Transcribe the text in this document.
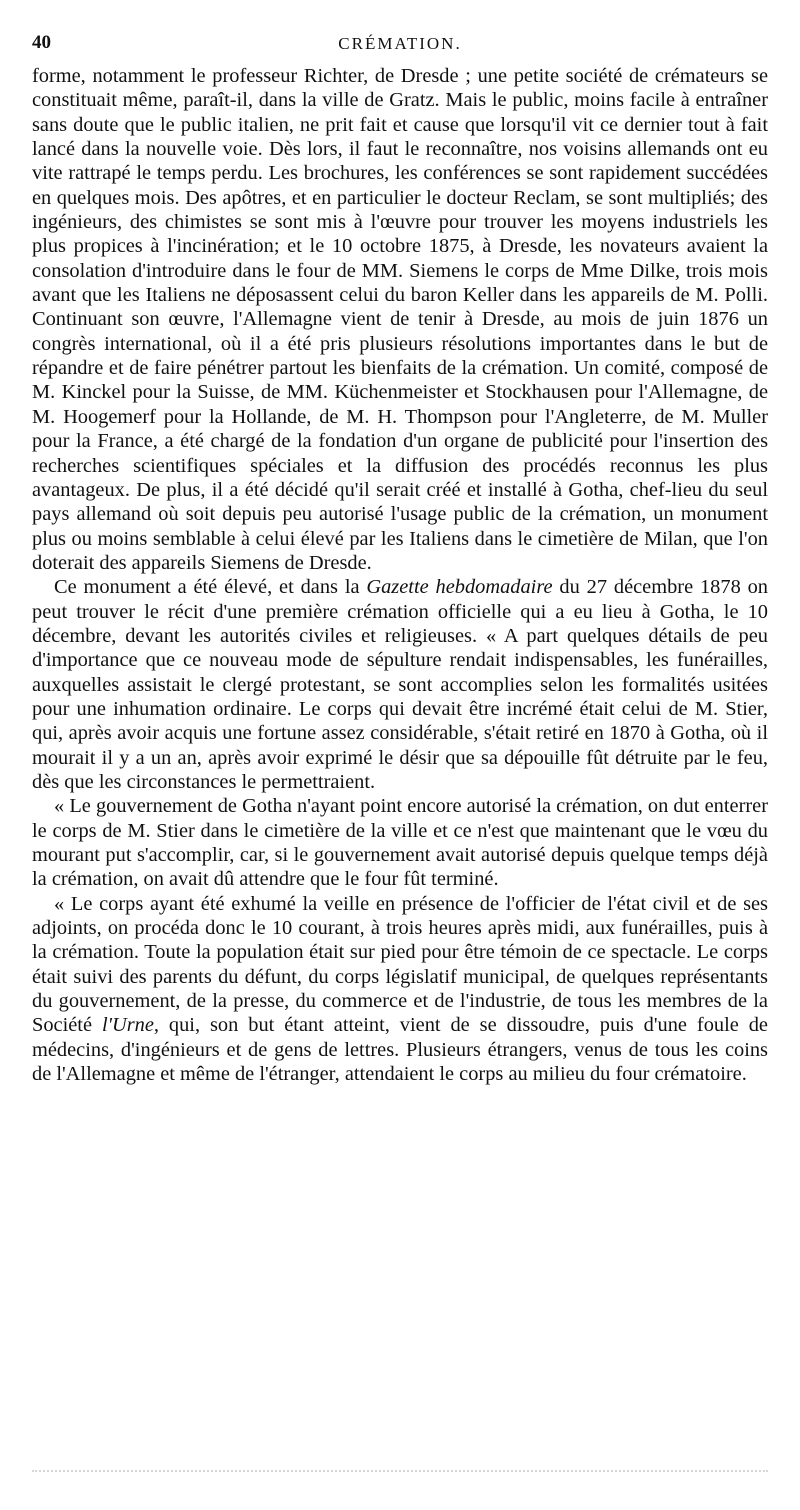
40	CRÉMATION.

forme, notamment le professeur Richter, de Dresde ; une petite société de crémateurs se constituait même, paraît-il, dans la ville de Gratz. Mais le public, moins facile à entraîner sans doute que le public italien, ne prit fait et cause que lorsqu'il vit ce dernier tout à fait lancé dans la nouvelle voie. Dès lors, il faut le reconnaître, nos voisins allemands ont eu vite rattrapé le temps perdu. Les brochures, les conférences se sont rapidement succédées en quelques mois. Des apôtres, et en particulier le docteur Reclam, se sont multipliés; des ingénieurs, des chimistes se sont mis à l'œuvre pour trouver les moyens industriels les plus propices à l'incinération; et le 10 octobre 1875, à Dresde, les novateurs avaient la consolation d'introduire dans le four de MM. Siemens le corps de Mme Dilke, trois mois avant que les Italiens ne déposassent celui du baron Keller dans les appareils de M. Polli. Continuant son œuvre, l'Allemagne vient de tenir à Dresde, au mois de juin 1876 un congrès international, où il a été pris plusieurs résolutions importantes dans le but de répandre et de faire pénétrer partout les bienfaits de la crémation. Un comité, composé de M. Kinckel pour la Suisse, de MM. Küchenmeister et Stockhausen pour l'Allemagne, de M. Hoogemerf pour la Hollande, de M. H. Thompson pour l'Angleterre, de M. Muller pour la France, a été chargé de la fondation d'un organe de publicité pour l'insertion des recherches scientifiques spéciales et la diffusion des procédés reconnus les plus avantageux. De plus, il a été décidé qu'il serait créé et installé à Gotha, chef-lieu du seul pays allemand où soit depuis peu autorisé l'usage public de la crémation, un monument plus ou moins semblable à celui élevé par les Italiens dans le cimetière de Milan, que l'on doterait des appareils Siemens de Dresde.

Ce monument a été élevé, et dans la Gazette hebdomadaire du 27 décembre 1878 on peut trouver le récit d'une première crémation officielle qui a eu lieu à Gotha, le 10 décembre, devant les autorités civiles et religieuses. « A part quelques détails de peu d'importance que ce nouveau mode de sépulture rendait indispensables, les funérailles, auxquelles assistait le clergé protestant, se sont accomplies selon les formalités usitées pour une inhumation ordinaire. Le corps qui devait être incrémé était celui de M. Stier, qui, après avoir acquis une fortune assez considérable, s'était retiré en 1870 à Gotha, où il mourait il y a un an, après avoir exprimé le désir que sa dépouille fût détruite par le feu, dès que les circonstances le permettraient.

« Le gouvernement de Gotha n'ayant point encore autorisé la crémation, on dut enterrer le corps de M. Stier dans le cimetière de la ville et ce n'est que maintenant que le vœu du mourant put s'accomplir, car, si le gouvernement avait autorisé depuis quelque temps déjà la crémation, on avait dû attendre que le four fût terminé.

« Le corps ayant été exhumé la veille en présence de l'officier de l'état civil et de ses adjoints, on procéda donc le 10 courant, à trois heures après midi, aux funérailles, puis à la crémation. Toute la population était sur pied pour être témoin de ce spectacle. Le corps était suivi des parents du défunt, du corps législatif municipal, de quelques représentants du gouvernement, de la presse, du commerce et de l'industrie, de tous les membres de la Société l'Urne, qui, son but étant atteint, vient de se dissoudre, puis d'une foule de médecins, d'ingénieurs et de gens de lettres. Plusieurs étrangers, venus de tous les coins de l'Allemagne et même de l'étranger, attendaient le corps au milieu du four crématoire.
